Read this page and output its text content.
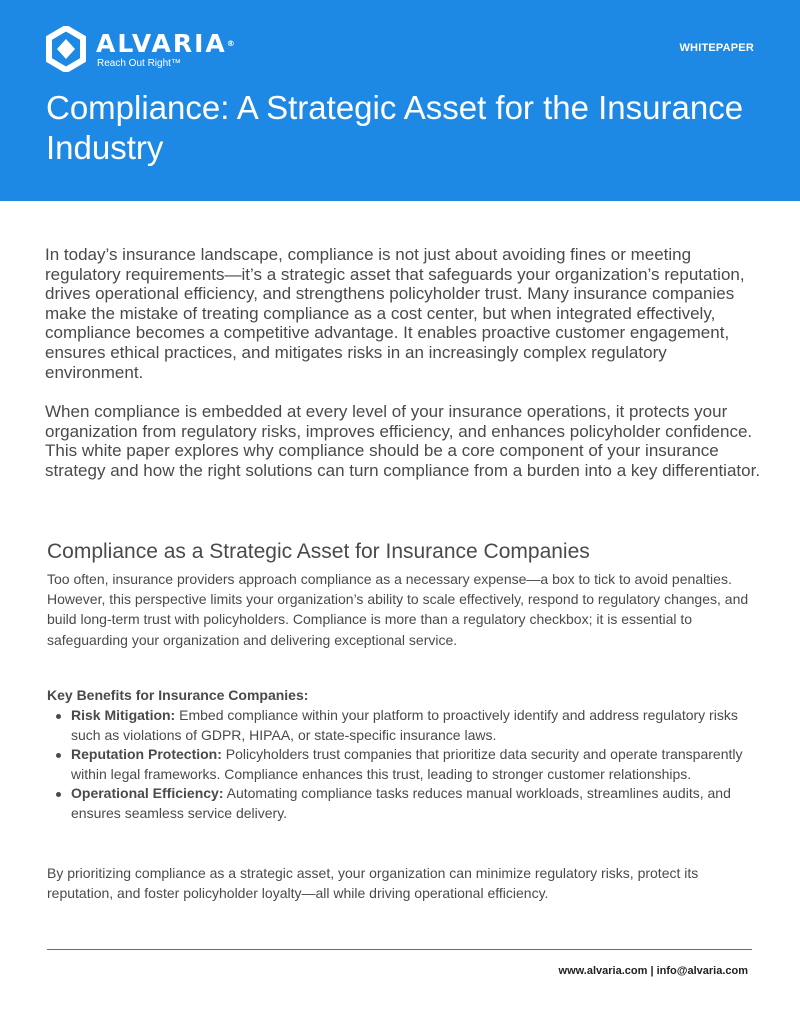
ALVARIA®
Reach Out Right™
WHITEPAPER
Compliance: A Strategic Asset for the Insurance Industry

In today’s insurance landscape, compliance is not just about avoiding fines or meeting regulatory requirements—it’s a strategic asset that safeguards your organization’s reputation, drives operational efficiency, and strengthens policyholder trust. Many insurance companies make the mistake of treating compliance as a cost center, but when integrated effectively, compliance becomes a competitive advantage. It enables proactive customer engagement, ensures ethical practices, and mitigates risks in an increasingly complex regulatory environment.

When compliance is embedded at every level of your insurance operations, it protects your organization from regulatory risks, improves efficiency, and enhances policyholder confidence. This white paper explores why compliance should be a core component of your insurance strategy and how the right solutions can turn compliance from a burden into a key differentiator.

Compliance as a Strategic Asset for Insurance Companies

Too often, insurance providers approach compliance as a necessary expense—a box to tick to avoid penalties. However, this perspective limits your organization’s ability to scale effectively, respond to regulatory changes, and build long-term trust with policyholders. Compliance is more than a regulatory checkbox; it is essential to safeguarding your organization and delivering exceptional service.

Key Benefits for Insurance Companies:

Risk Mitigation: Embed compliance within your platform to proactively identify and address regulatory risks such as violations of GDPR, HIPAA, or state-specific insurance laws.
Reputation Protection: Policyholders trust companies that prioritize data security and operate transparently within legal frameworks. Compliance enhances this trust, leading to stronger customer relationships.
Operational Efficiency: Automating compliance tasks reduces manual workloads, streamlines audits, and ensures seamless service delivery.

By prioritizing compliance as a strategic asset, your organization can minimize regulatory risks, protect its reputation, and foster policyholder loyalty—all while driving operational efficiency.

www.alvaria.com | info@alvaria.com
